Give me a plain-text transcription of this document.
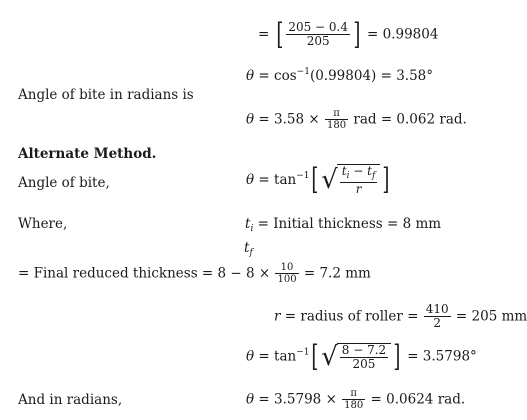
= [ $\frac{205 - 0.4}{205}$ ] = 0.99804
$\theta = \cos^{-1}(0.99804) = 3.58^\circ$
Angle of bite in radians is
$\theta = 3.58 \times \frac{\pi}{180}$ rad = 0.062 rad.
Alternate Method.
Angle of bite,	$\theta = \tan^{-1}[√ \frac{t_i - t_f}{r}$ ]
Where,	$t_i$ = Initial thickness = 8 mm
$t_f$
= Final reduced thickness = $8 - 8 \times \frac{10}{100} = 7.2$ mm
r = radius of roller = $\frac{410}{2} = 205$ mm
$\theta = \tan^{-1}[√ \frac{8 - 7.2}{205}$ ] = 3.5798°
And in radians,	$\theta = 3.5798 \times \frac{\pi}{180} = 0.0624$ rad.
